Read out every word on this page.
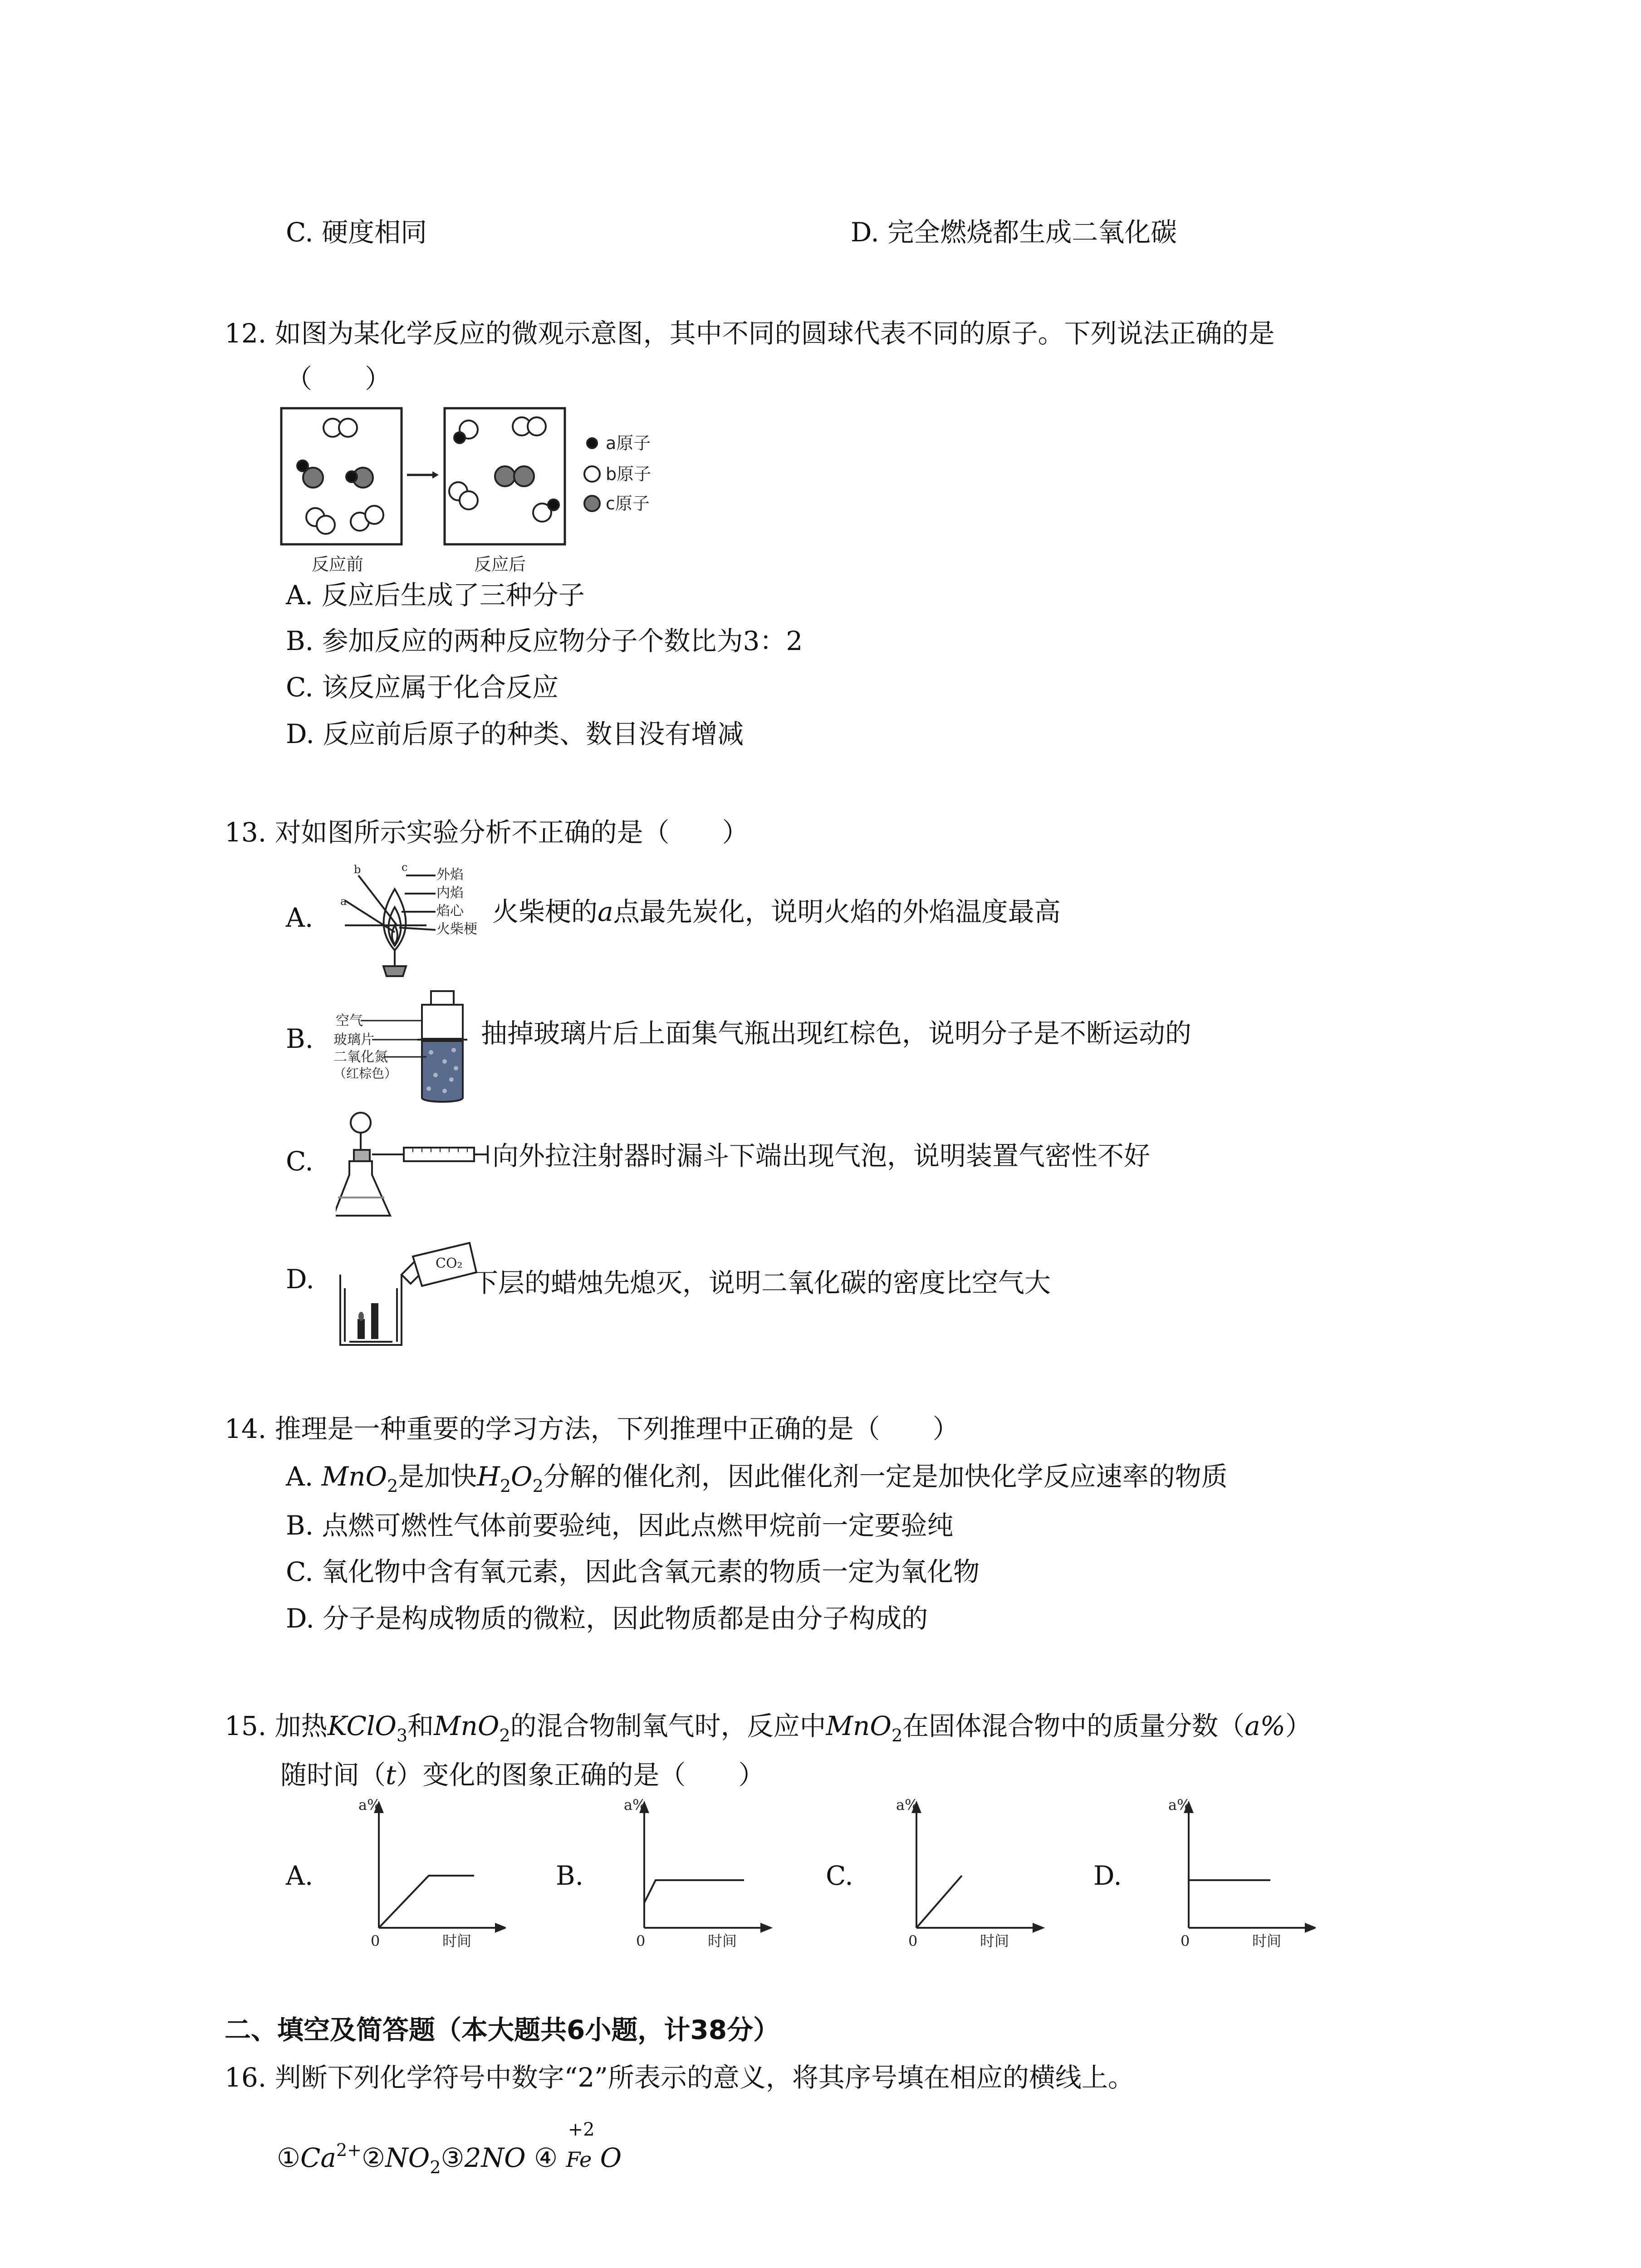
C. 硬度相同	D. 完全燃烧都生成二氧化碳
12. 如图为某化学反应的微观示意图，其中不同的圆球代表不同的原子。下列说法正确的是
（　　）
a原子
b原子
c原子
反应前	反应后
A. 反应后生成了三种分子
B. 参加反应的两种反应物分子个数比为3：2
C. 该反应属于化合反应
D. 反应前后原子的种类、数目没有增减
13. 对如图所示实验分析不正确的是（　　）
A.
a
b	c 外焰
内焰
焰心
火柴梗
火柴梗的a点最先炭化，说明火焰的外焰温度最高
B.
空气
玻璃片
二氧化氮
（红棕色）
抽掉玻璃片后上面集气瓶出现红棕色，说明分子是不断运动的
C.	向外拉注射器时漏斗下端出现气泡，说明装置气密性不好
D.
CO₂
下层的蜡烛先熄灭，说明二氧化碳的密度比空气大
14. 推理是一种重要的学习方法，下列推理中正确的是（　　）
A. MnO$_2$是加快$H_2O_2$分解的催化剂，因此催化剂一定是加快化学反应速率的物质
B. 点燃可燃性气体前要验纯，因此点燃甲烷前一定要验纯
C. 氧化物中含有氧元素，因此含氧元素的物质一定为氧化物
D. 分子是构成物质的微粒，因此物质都是由分子构成的
15. 加热KClO$_3$和MnO$_2$的混合物制氧气时，反应中MnO$_2$在固体混合物中的质量分数（a%）
随时间（t）变化的图象正确的是（　　）
A.	B.	C.	D.
a%
0	时间
a%
0	时间
a%
0	时间
a%
0	时间
二、填空及简答题（本大题共6小题，计38分）
16. 判断下列化学符号中数字“2”所表示的意义，将其序号填在相应的横线上。
$①Ca^{2+}②NO_2③2NO$ ④
+2
Fe O
